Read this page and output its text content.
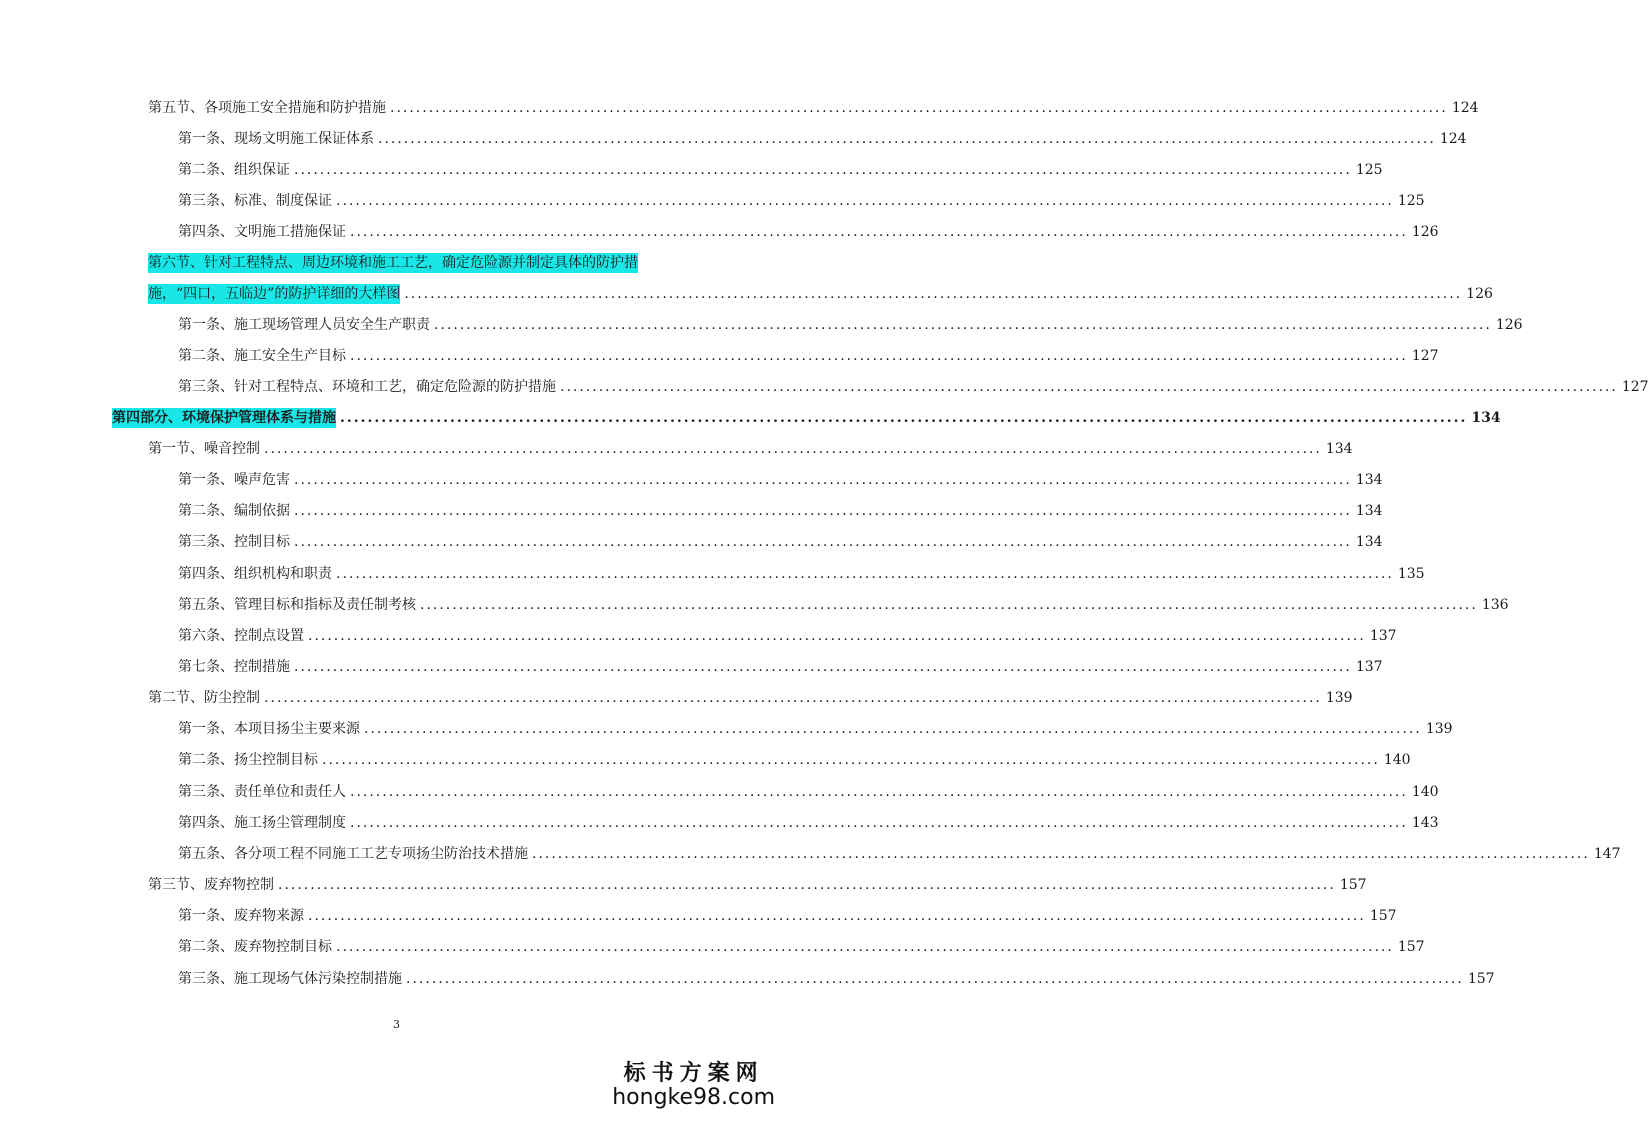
第五节、各项施工安全措施和防护措施 .................................................................................................................................................................... 124
第一条、现场文明施工保证体系 .................................................................................................................................................................... 124
第二条、组织保证 .................................................................................................................................................................... 125
第三条、标准、制度保证 .................................................................................................................................................................... 125
第四条、文明施工措施保证 .................................................................................................................................................................... 126
第六节、针对工程特点、周边环境和施工工艺，确定危险源并制定具体的防护措
施，“四口，五临边”的防护详细的大样图 .................................................................................................................................................................... 126
第一条、施工现场管理人员安全生产职责 .................................................................................................................................................................... 126
第二条、施工安全生产目标 .................................................................................................................................................................... 127
第三条、针对工程特点、环境和工艺，确定危险源的防护措施 .................................................................................................................................................................... 127
第四部分、环境保护管理体系与措施 .................................................................................................................................................................... 134
第一节、噪音控制 .................................................................................................................................................................... 134
第一条、噪声危害 .................................................................................................................................................................... 134
第二条、编制依据 .................................................................................................................................................................... 134
第三条、控制目标 .................................................................................................................................................................... 134
第四条、组织机构和职责 .................................................................................................................................................................... 135
第五条、管理目标和指标及责任制考核 .................................................................................................................................................................... 136
第六条、控制点设置 .................................................................................................................................................................... 137
第七条、控制措施 .................................................................................................................................................................... 137
第二节、防尘控制 .................................................................................................................................................................... 139
第一条、本项目扬尘主要来源 .................................................................................................................................................................... 139
第二条、扬尘控制目标 .................................................................................................................................................................... 140
第三条、责任单位和责任人 .................................................................................................................................................................... 140
第四条、施工扬尘管理制度 .................................................................................................................................................................... 143
第五条、各分项工程不同施工工艺专项扬尘防治技术措施 .................................................................................................................................................................... 147
第三节、废弃物控制 .................................................................................................................................................................... 157
第一条、废弃物来源 .................................................................................................................................................................... 157
第二条、废弃物控制目标 .................................................................................................................................................................... 157
第三条、施工现场气体污染控制措施 .................................................................................................................................................................... 157
3
标书方案网
hongke98.com
